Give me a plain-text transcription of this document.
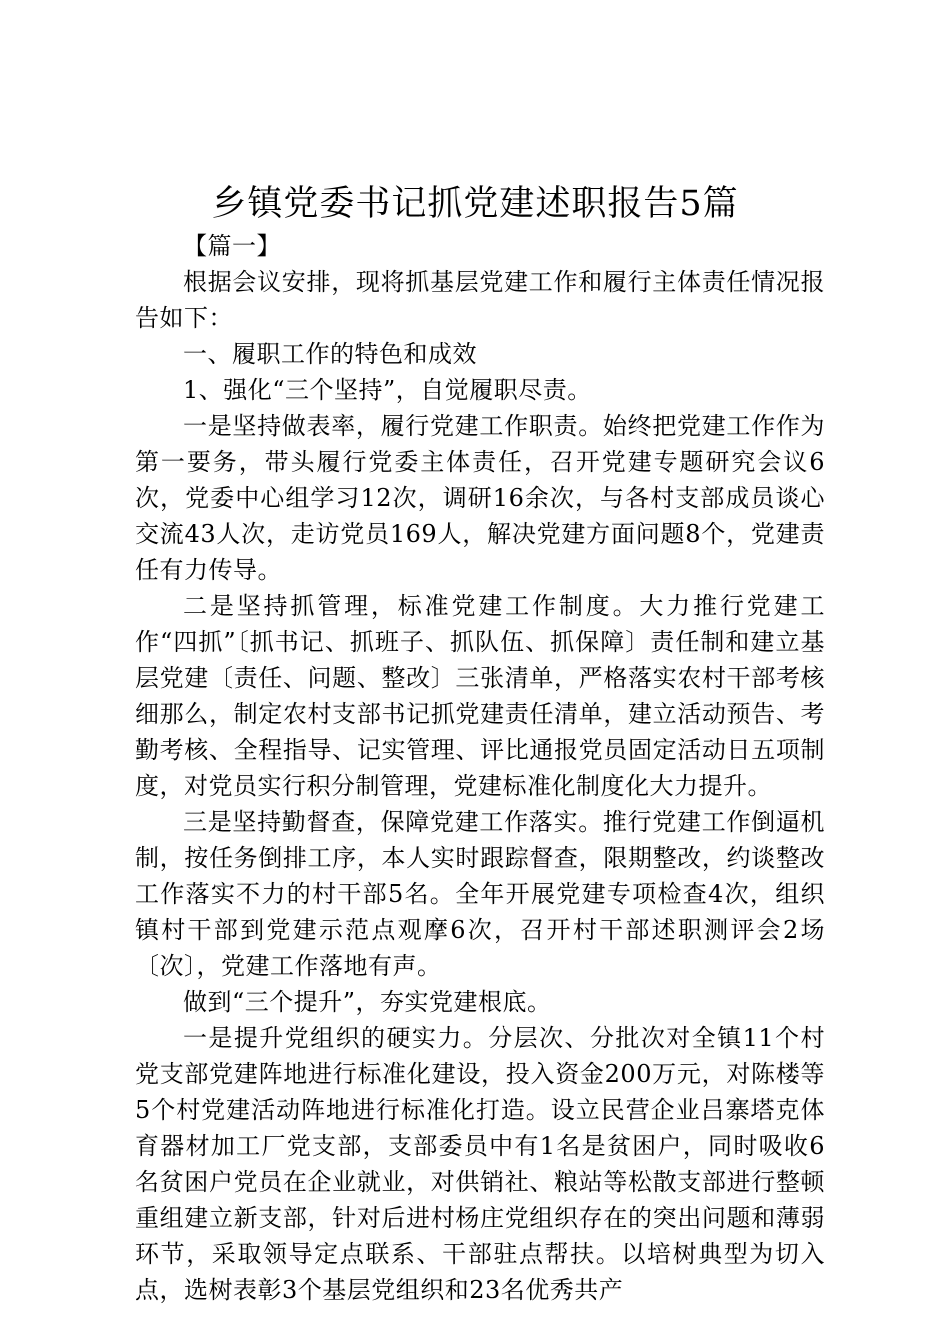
乡镇党委书记抓党建述职报告5篇

【篇一】

根据会议安排，现将抓基层党建工作和履行主体责任情况报告如下：

一、履职工作的特色和成效

1、强化“三个坚持”，自觉履职尽责。

一是坚持做表率，履行党建工作职责。始终把党建工作作为第一要务，带头履行党委主体责任，召开党建专题研究会议6次，党委中心组学习12次，调研16余次，与各村支部成员谈心交流43人次，走访党员169人，解决党建方面问题8个，党建责任有力传导。

二是坚持抓管理，标准党建工作制度。大力推行党建工作“四抓”〔抓书记、抓班子、抓队伍、抓保障〕责任制和建立基层党建〔责任、问题、整改〕三张清单，严格落实农村干部考核细那么，制定农村支部书记抓党建责任清单，建立活动预告、考勤考核、全程指导、记实管理、评比通报党员固定活动日五项制度，对党员实行积分制管理，党建标准化制度化大力提升。

三是坚持勤督查，保障党建工作落实。推行党建工作倒逼机制，按任务倒排工序，本人实时跟踪督查，限期整改，约谈整改工作落实不力的村干部5名。全年开展党建专项检查4次，组织镇村干部到党建示范点观摩6次，召开村干部述职测评会2场〔次〕，党建工作落地有声。

做到“三个提升”，夯实党建根底。

一是提升党组织的硬实力。分层次、分批次对全镇11个村党支部党建阵地进行标准化建设，投入资金200万元，对陈楼等5个村党建活动阵地进行标准化打造。设立民营企业吕寨塔克体育器材加工厂党支部，支部委员中有1名是贫困户，同时吸收6名贫困户党员在企业就业，对供销社、粮站等松散支部进行整顿重组建立新支部，针对后进村杨庄党组织存在的突出问题和薄弱环节，采取领导定点联系、干部驻点帮扶。以培树典型为切入点，选树表彰3个基层党组织和23名优秀共产
